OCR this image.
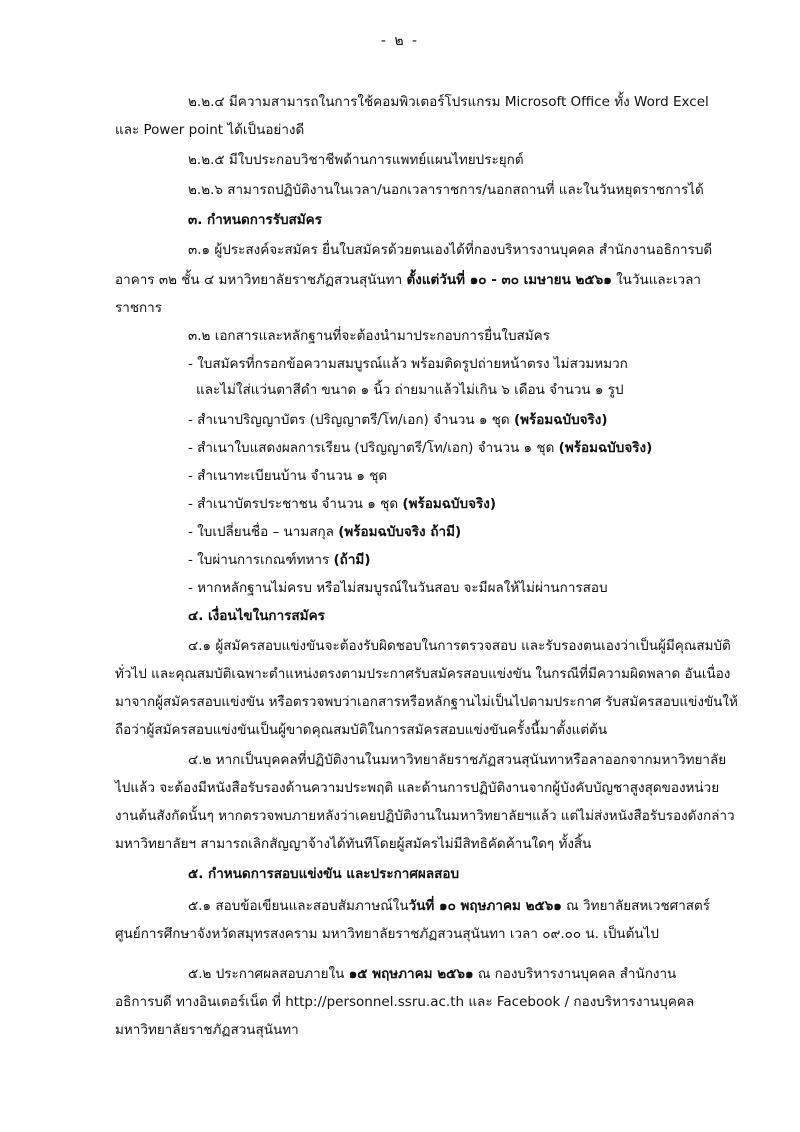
- ๒ -
๒.๒.๔ มีความสามารถในการใช้คอมพิวเตอร์โปรแกรม Microsoft Office ทั้ง Word Excel
และ Power point ได้เป็นอย่างดี
๒.๒.๕ มีใบประกอบวิชาชีพด้านการแพทย์แผนไทยประยุกต์
๒.๒.๖ สามารถปฏิบัติงานในเวลา/นอกเวลาราชการ/นอกสถานที่ และในวันหยุดราชการได้
๓. กำหนดการรับสมัคร
๓.๑ ผู้ประสงค์จะสมัคร ยื่นใบสมัครด้วยตนเองได้ที่กองบริหารงานบุคคล สำนักงานอธิการบดี
อาคาร ๓๒ ชั้น ๔ มหาวิทยาลัยราชภัฏสวนสุนันทา ตั้งแต่วันที่ ๑๐ - ๓๐ เมษายน ๒๕๖๑ ในวันและเวลา
ราชการ
๓.๒ เอกสารและหลักฐานที่จะต้องนำมาประกอบการยื่นใบสมัคร
- ใบสมัครที่กรอกข้อความสมบูรณ์แล้ว พร้อมติดรูปถ่ายหน้าตรง ไม่สวมหมวก
และไม่ใส่แว่นตาสีดำ ขนาด ๑ นิ้ว ถ่ายมาแล้วไม่เกิน ๖ เดือน จำนวน ๑ รูป
- สำเนาปริญญาบัตร (ปริญญาตรี/โท/เอก) จำนวน ๑ ชุด (พร้อมฉบับจริง)
- สำเนาใบแสดงผลการเรียน (ปริญญาตรี/โท/เอก) จำนวน ๑ ชุด (พร้อมฉบับจริง)
- สำเนาทะเบียนบ้าน จำนวน ๑ ชุด
- สำเนาบัตรประชาชน จำนวน ๑ ชุด (พร้อมฉบับจริง)
- ใบเปลี่ยนชื่อ – นามสกุล (พร้อมฉบับจริง ถ้ามี)
- ใบผ่านการเกณฑ์ทหาร (ถ้ามี)
- หากหลักฐานไม่ครบ หรือไม่สมบูรณ์ในวันสอบ จะมีผลให้ไม่ผ่านการสอบ
๔. เงื่อนไขในการสมัคร
๔.๑ ผู้สมัครสอบแข่งขันจะต้องรับผิดชอบในการตรวจสอบ และรับรองตนเองว่าเป็นผู้มีคุณสมบัติ
ทั่วไป และคุณสมบัติเฉพาะตำแหน่งตรงตามประกาศรับสมัครสอบแข่งขัน ในกรณีที่มีความผิดพลาด อันเนื่อง
มาจากผู้สมัครสอบแข่งขัน หรือตรวจพบว่าเอกสารหรือหลักฐานไม่เป็นไปตามประกาศ รับสมัครสอบแข่งขันให้
ถือว่าผู้สมัครสอบแข่งขันเป็นผู้ขาดคุณสมบัติในการสมัครสอบแข่งขันครั้งนี้มาตั้งแต่ต้น
๔.๒ หากเป็นบุคคลที่ปฏิบัติงานในมหาวิทยาลัยราชภัฏสวนสุนันทาหรือลาออกจากมหาวิทยาลัย
ไปแล้ว จะต้องมีหนังสือรับรองด้านความประพฤติ และด้านการปฏิบัติงานจากผู้บังคับบัญชาสูงสุดของหน่วย
งานต้นสังกัดนั้นๆ หากตรวจพบภายหลังว่าเคยปฏิบัติงานในมหาวิทยาลัยฯแล้ว แต่ไม่ส่งหนังสือรับรองดังกล่าว
มหาวิทยาลัยฯ สามารถเลิกสัญญาจ้างได้ทันทีโดยผู้สมัครไม่มีสิทธิคัดค้านใดๆ ทั้งสิ้น
๕. กำหนดการสอบแข่งขัน และประกาศผลสอบ
๕.๑ สอบข้อเขียนและสอบสัมภาษณ์ในวันที่ ๑๐ พฤษภาคม ๒๕๖๑ ณ วิทยาลัยสหเวชศาสตร์
ศูนย์การศึกษาจังหวัดสมุทรสงคราม มหาวิทยาลัยราชภัฏสวนสุนันทา เวลา ๐๙.๐๐ น. เป็นต้นไป
๕.๒ ประกาศผลสอบภายใน ๑๕ พฤษภาคม ๒๕๖๑ ณ กองบริหารงานบุคคล สำนักงาน
อธิการบดี ทางอินเตอร์เน็ต ที่ http://personnel.ssru.ac.th และ Facebook / กองบริหารงานบุคคล
มหาวิทยาลัยราชภัฏสวนสุนันทา
